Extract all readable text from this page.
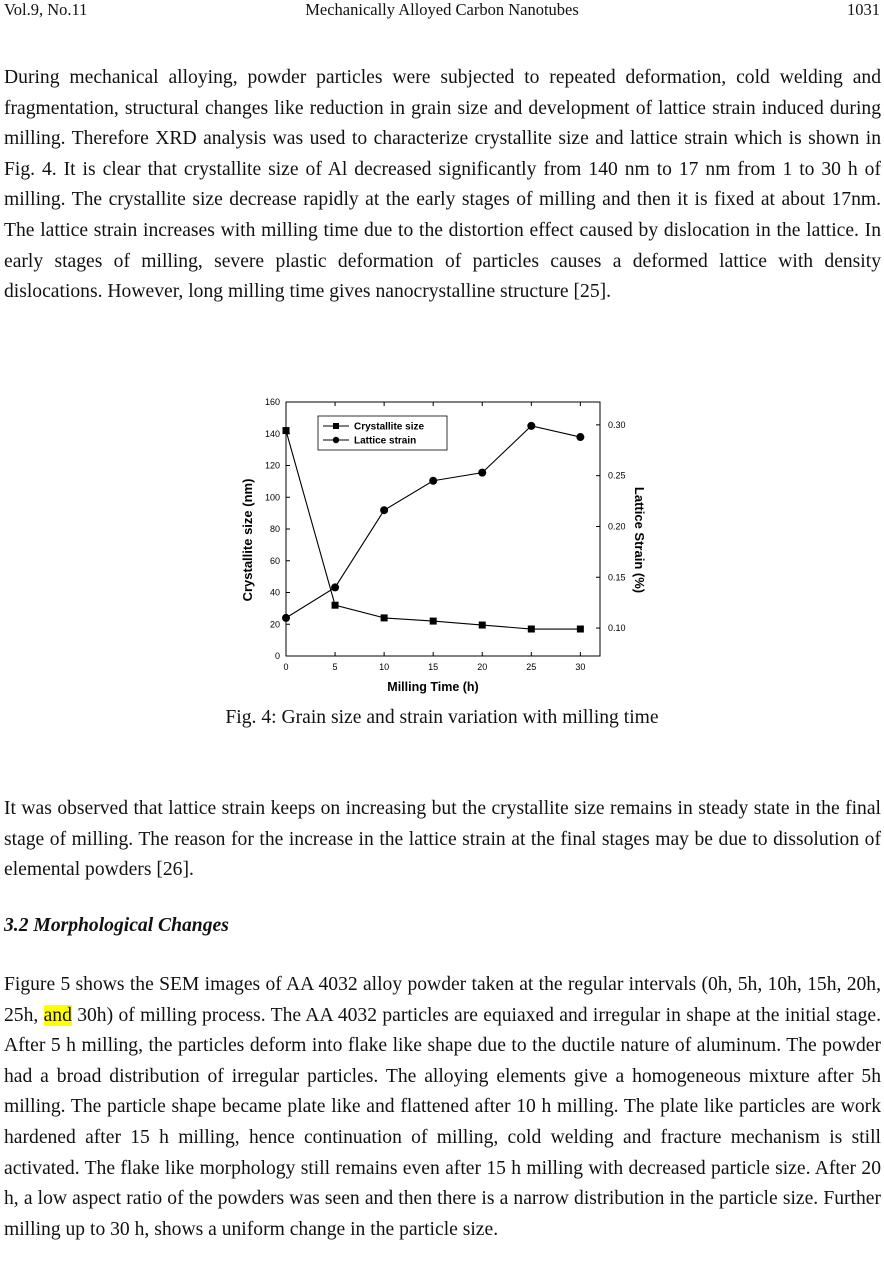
Vol.9, No.11	Mechanically Alloyed Carbon Nanotubes	1031

During mechanical alloying, powder particles were subjected to repeated deformation, cold welding and fragmentation, structural changes like reduction in grain size and development of lattice strain induced during milling. Therefore XRD analysis was used to characterize crystallite size and lattice strain which is shown in Fig. 4. It is clear that crystallite size of Al decreased significantly from 140 nm to 17 nm from 1 to 30 h of milling. The crystallite size decrease rapidly at the early stages of milling and then it is fixed at about 17nm. The lattice strain increases with milling time due to the distortion effect caused by dislocation in the lattice. In early stages of milling, severe plastic deformation of particles causes a deformed lattice with density dislocations. However, long milling time gives nanocrystalline structure [25].

0	5	10	15	20	25	30
0
20
40
60
80
100
120
140
160
0.10
0.15
0.20
0.25
0.30
Crystallite size
Lattice strain
Milling Time (h)
Crystallite size (nm)	Lattice Strain (%)

Fig. 4: Grain size and strain variation with milling time

It was observed that lattice strain keeps on increasing but the crystallite size remains in steady state in the final stage of milling. The reason for the increase in the lattice strain at the final stages may be due to dissolution of elemental powders [26].

3.2 Morphological Changes

Figure 5 shows the SEM images of AA 4032 alloy powder taken at the regular intervals (0h, 5h, 10h, 15h, 20h, 25h, and 30h) of milling process. The AA 4032 particles are equiaxed and irregular in shape at the initial stage. After 5 h milling, the particles deform into flake like shape due to the ductile nature of aluminum. The powder had a broad distribution of irregular particles. The alloying elements give a homogeneous mixture after 5h milling. The particle shape became plate like and flattened after 10 h milling. The plate like particles are work hardened after 15 h milling, hence continuation of milling, cold welding and fracture mechanism is still activated. The flake like morphology still remains even after 15 h milling with decreased particle size. After 20 h, a low aspect ratio of the powders was seen and then there is a narrow distribution in the particle size. Further milling up to 30 h, shows a uniform change in the particle size.
